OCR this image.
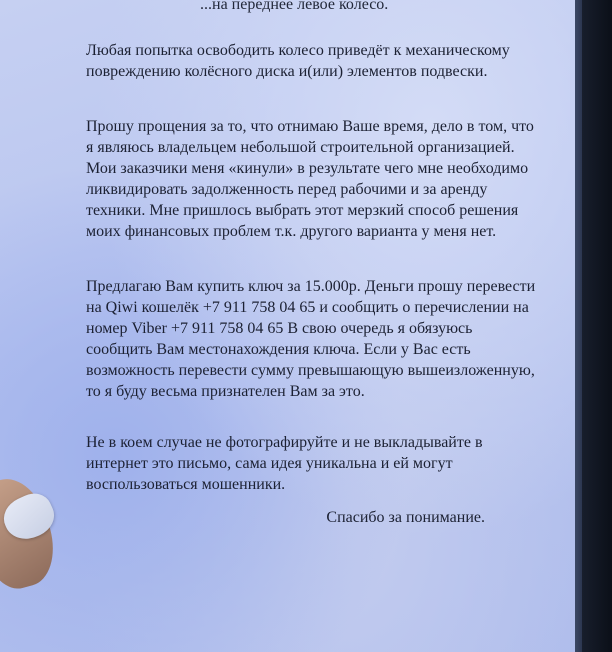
...на переднее левое колесо.
Любая попытка освободить колесо приведёт к механическому повреждению колёсного диска и(или) элементов подвески.
Прошу прощения за то, что отнимаю Ваше время, дело в том, что я являюсь владельцем небольшой строительной организацией. Мои заказчики меня «кинули» в результате чего мне необходимо ликвидировать задолженность перед рабочими и за аренду техники. Мне пришлось выбрать этот мерзкий способ решения моих финансовых проблем т.к. другого варианта у меня нет.
Предлагаю Вам купить ключ за 15.000р. Деньги прошу перевести на Qiwi кошелёк +7 911 758 04 65 и сообщить о перечислении на номер Viber +7 911 758 04 65 В свою очередь я обязуюсь сообщить Вам местонахождения ключа. Если у Вас есть возможность перевести сумму превышающую вышеизложенную, то я буду весьма признателен Вам за это.
Не в коем случае не фотографируйте и не выкладывайте в интернет это письмо, сама идея уникальна и ей могут воспользоваться мошенники.
Спасибо за понимание.
